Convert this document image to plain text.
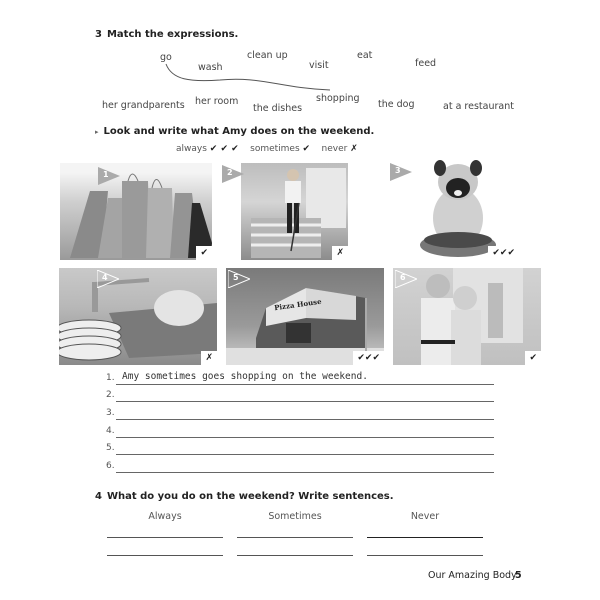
3 Match the expressions.
go
wash
clean up
visit
eat
feed
her grandparents her room
the dishes
shopping
the dog	at a restaurant
▸ Look and write what Amy does on the weekend.
always ✔ ✔ ✔ sometimes ✔ never ✗
1
✔	✗
2
✔✔✔
3
✗
4
Pizza House
✔✔✔
5
✔
6
1. Amy sometimes goes shopping on the weekend.
2.
3.
4.
5.
6.
4 What do you do on the weekend? Write sentences.
Always	Sometimes	Never
Our Amazing Body
5
